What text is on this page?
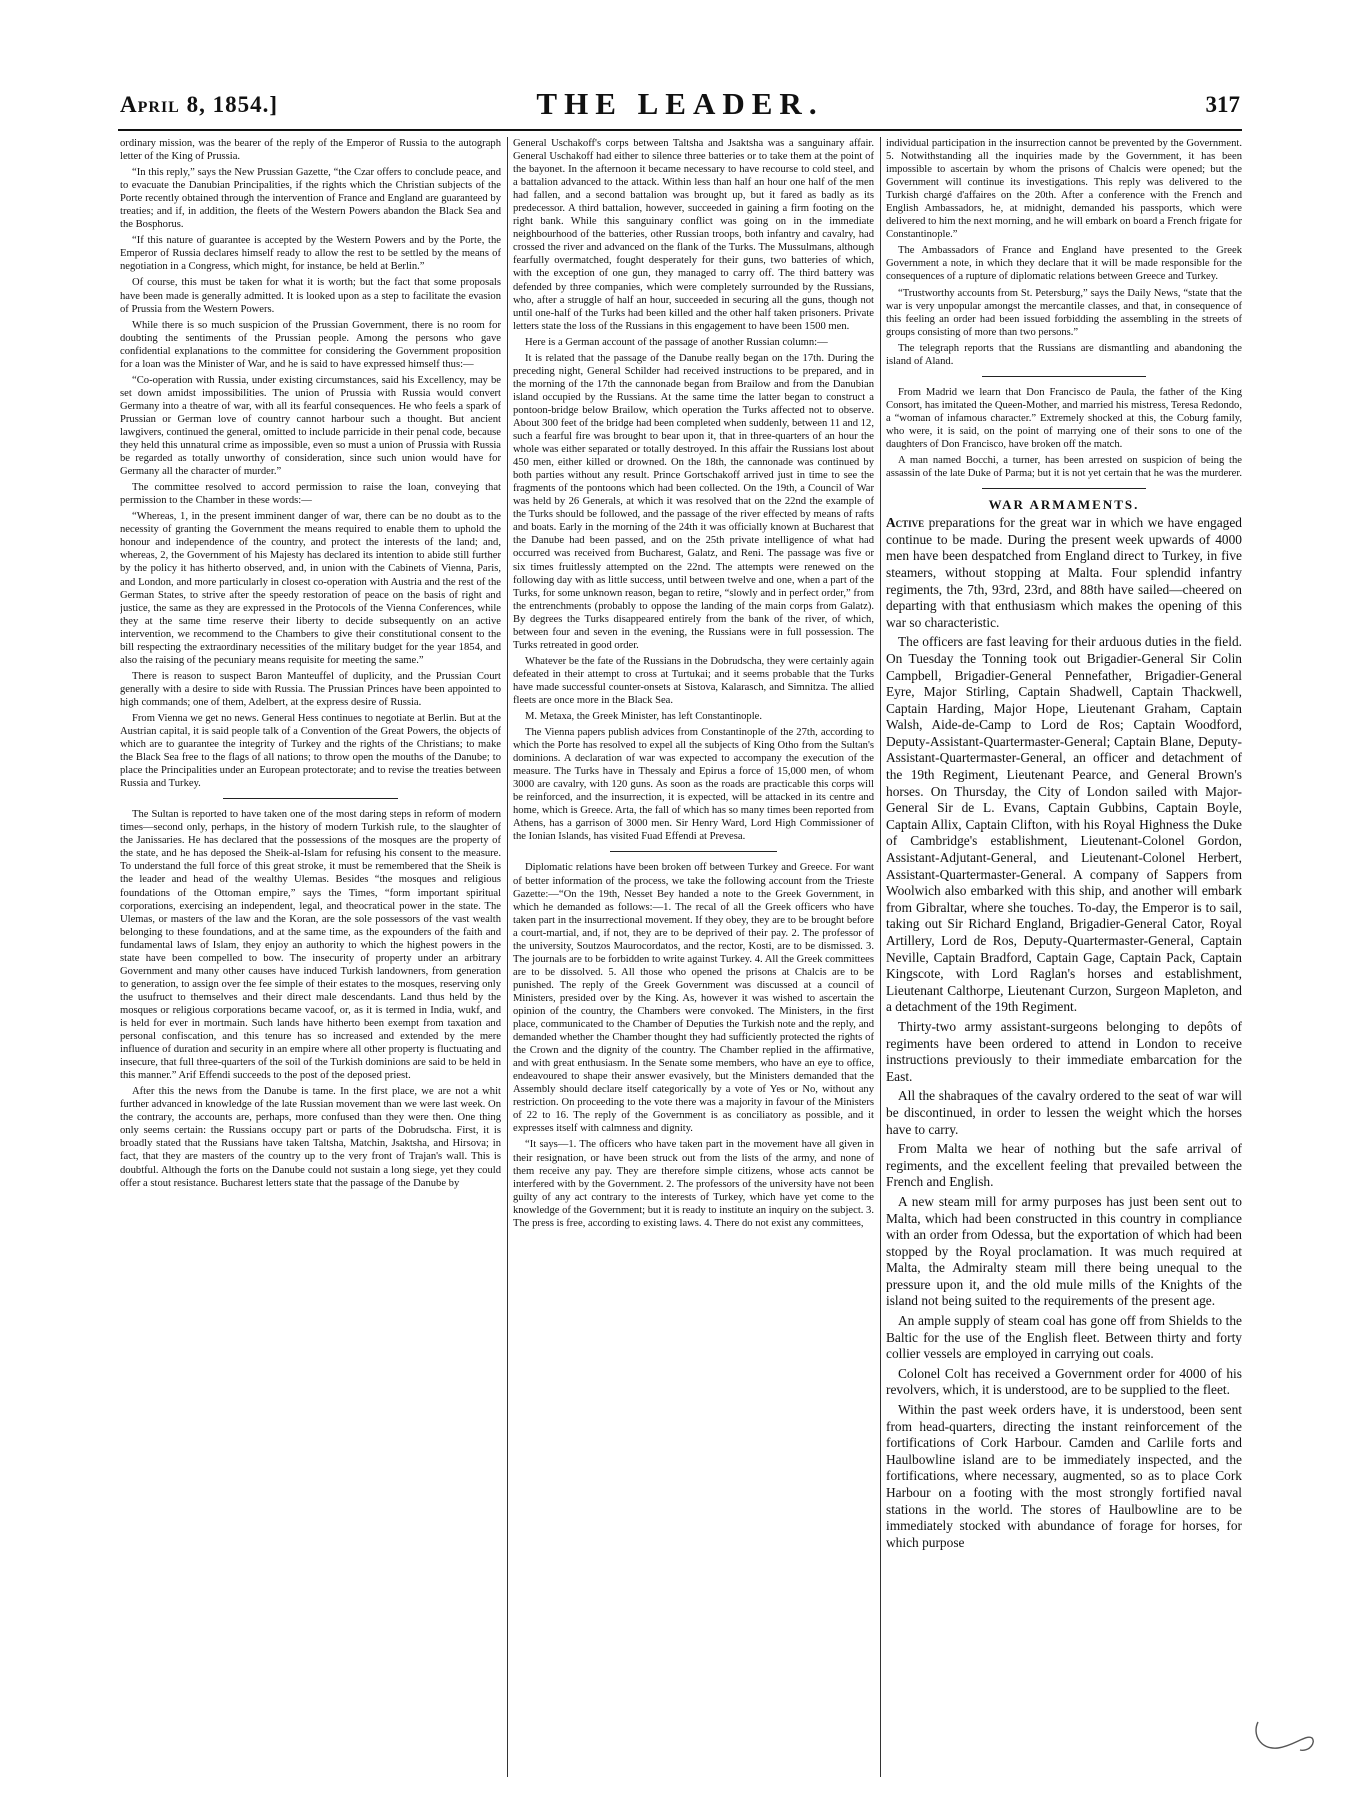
THE LEADER.
April 8, 1854.]	317

ordinary mission, was the bearer of the reply of the Emperor of Russia to the autograph letter of the King of Prussia.

“In this reply,” says the New Prussian Gazette, “the Czar offers to conclude peace, and to evacuate the Danubian Principalities, if the rights which the Christian subjects of the Porte recently obtained through the intervention of France and England are guaranteed by treaties; and if, in addition, the fleets of the Western Powers abandon the Black Sea and the Bosphorus.

“If this nature of guarantee is accepted by the Western Powers and by the Porte, the Emperor of Russia declares himself ready to allow the rest to be settled by the means of negotiation in a Congress, which might, for instance, be held at Berlin.”

Of course, this must be taken for what it is worth; but the fact that some proposals have been made is generally admitted. It is looked upon as a step to facilitate the evasion of Prussia from the Western Powers.

While there is so much suspicion of the Prussian Government, there is no room for doubting the sentiments of the Prussian people. Among the persons who gave confidential explanations to the committee for considering the Government proposition for a loan was the Minister of War, and he is said to have expressed himself thus:—

“Co-operation with Russia, under existing circumstances, said his Excellency, may be set down amidst impossibilities. The union of Prussia with Russia would convert Germany into a theatre of war, with all its fearful consequences. He who feels a spark of Prussian or German love of country cannot harbour such a thought. But ancient lawgivers, continued the general, omitted to include parricide in their penal code, because they held this unnatural crime as impossible, even so must a union of Prussia with Russia be regarded as totally unworthy of consideration, since such union would have for Germany all the character of murder.”

The committee resolved to accord permission to raise the loan, conveying that permission to the Chamber in these words:—

“Whereas, 1, in the present imminent danger of war, there can be no doubt as to the necessity of granting the Government the means required to enable them to uphold the honour and independence of the country, and protect the interests of the land; and, whereas, 2, the Government of his Majesty has declared its intention to abide still further by the policy it has hitherto observed, and, in union with the Cabinets of Vienna, Paris, and London, and more particularly in closest co-operation with Austria and the rest of the German States, to strive after the speedy restoration of peace on the basis of right and justice, the same as they are expressed in the Protocols of the Vienna Conferences, while they at the same time reserve their liberty to decide subsequently on an active intervention, we recommend to the Chambers to give their constitutional consent to the bill respecting the extraordinary necessities of the military budget for the year 1854, and also the raising of the pecuniary means requisite for meeting the same.”

There is reason to suspect Baron Manteuffel of duplicity, and the Prussian Court generally with a desire to side with Russia. The Prussian Princes have been appointed to high commands; one of them, Adelbert, at the express desire of Russia.

From Vienna we get no news. General Hess continues to negotiate at Berlin. But at the Austrian capital, it is said people talk of a Convention of the Great Powers, the objects of which are to guarantee the integrity of Turkey and the rights of the Christians; to make the Black Sea free to the flags of all nations; to throw open the mouths of the Danube; to place the Principalities under an European protectorate; and to revise the treaties between Russia and Turkey.

The Sultan is reported to have taken one of the most daring steps in reform of modern times—second only, perhaps, in the history of modern Turkish rule, to the slaughter of the Janissaries. He has declared that the possessions of the mosques are the property of the state, and he has deposed the Sheik-al-Islam for refusing his consent to the measure. To understand the full force of this great stroke, it must be remembered that the Sheik is the leader and head of the wealthy Ulemas. Besides “the mosques and religious foundations of the Ottoman empire,” says the Times, “form important spiritual corporations, exercising an independent, legal, and theocratical power in the state. The Ulemas, or masters of the law and the Koran, are the sole possessors of the vast wealth belonging to these foundations, and at the same time, as the expounders of the faith and fundamental laws of Islam, they enjoy an authority to which the highest powers in the state have been compelled to bow. The insecurity of property under an arbitrary Government and many other causes have induced Turkish landowners, from generation to generation, to assign over the fee simple of their estates to the mosques, reserving only the usufruct to themselves and their direct male descendants. Land thus held by the mosques or religious corporations became vacoof, or, as it is termed in India, wukf, and is held for ever in mortmain. Such lands have hitherto been exempt from taxation and personal confiscation, and this tenure has so increased and extended by the mere influence of duration and security in an empire where all other property is fluctuating and insecure, that full three-quarters of the soil of the Turkish dominions are said to be held in this manner.” Arif Effendi succeeds to the post of the deposed priest.

After this the news from the Danube is tame. In the first place, we are not a whit further advanced in knowledge of the late Russian movement than we were last week. On the contrary, the accounts are, perhaps, more confused than they were then. One thing only seems certain: the Russians occupy part or parts of the Dobrudscha. First, it is broadly stated that the Russians have taken Taltsha, Matchin, Jsaktsha, and Hirsova; in fact, that they are masters of the country up to the very front of Trajan's wall. This is doubtful. Although the forts on the Danube could not sustain a long siege, yet they could offer a stout resistance. Bucharest letters state that the passage of the Danube by

General Uschakoff's corps between Taltsha and Jsaktsha was a sanguinary affair. General Uschakoff had either to silence three batteries or to take them at the point of the bayonet. In the afternoon it became necessary to have recourse to cold steel, and a battalion advanced to the attack. Within less than half an hour one half of the men had fallen, and a second battalion was brought up, but it fared as badly as its predecessor. A third battalion, however, succeeded in gaining a firm footing on the right bank. While this sanguinary conflict was going on in the immediate neighbourhood of the batteries, other Russian troops, both infantry and cavalry, had crossed the river and advanced on the flank of the Turks. The Mussulmans, although fearfully overmatched, fought desperately for their guns, two batteries of which, with the exception of one gun, they managed to carry off. The third battery was defended by three companies, which were completely surrounded by the Russians, who, after a struggle of half an hour, succeeded in securing all the guns, though not until one-half of the Turks had been killed and the other half taken prisoners. Private letters state the loss of the Russians in this engagement to have been 1500 men.

Here is a German account of the passage of another Russian column:—

It is related that the passage of the Danube really began on the 17th. During the preceding night, General Schilder had received instructions to be prepared, and in the morning of the 17th the cannonade began from Brailow and from the Danubian island occupied by the Russians. At the same time the latter began to construct a pontoon-bridge below Brailow, which operation the Turks affected not to observe. About 300 feet of the bridge had been completed when suddenly, between 11 and 12, such a fearful fire was brought to bear upon it, that in three-quarters of an hour the whole was either separated or totally destroyed. In this affair the Russians lost about 450 men, either killed or drowned. On the 18th, the cannonade was continued by both parties without any result. Prince Gortschakoff arrived just in time to see the fragments of the pontoons which had been collected. On the 19th, a Council of War was held by 26 Generals, at which it was resolved that on the 22nd the example of the Turks should be followed, and the passage of the river effected by means of rafts and boats. Early in the morning of the 24th it was officially known at Bucharest that the Danube had been passed, and on the 25th private intelligence of what had occurred was received from Bucharest, Galatz, and Reni. The passage was five or six times fruitlessly attempted on the 22nd. The attempts were renewed on the following day with as little success, until between twelve and one, when a part of the Turks, for some unknown reason, began to retire, “slowly and in perfect order,” from the entrenchments (probably to oppose the landing of the main corps from Galatz). By degrees the Turks disappeared entirely from the bank of the river, of which, between four and seven in the evening, the Russians were in full possession. The Turks retreated in good order.

Whatever be the fate of the Russians in the Dobrudscha, they were certainly again defeated in their attempt to cross at Turtukai; and it seems probable that the Turks have made successful counter-onsets at Sistova, Kalarasch, and Simnitza. The allied fleets are once more in the Black Sea.

M. Metaxa, the Greek Minister, has left Constantinople.

The Vienna papers publish advices from Constantinople of the 27th, according to which the Porte has resolved to expel all the subjects of King Otho from the Sultan's dominions. A declaration of war was expected to accompany the execution of the measure. The Turks have in Thessaly and Epirus a force of 15,000 men, of whom 3000 are cavalry, with 120 guns. As soon as the roads are practicable this corps will be reinforced, and the insurrection, it is expected, will be attacked in its centre and home, which is Greece. Arta, the fall of which has so many times been reported from Athens, has a garrison of 3000 men. Sir Henry Ward, Lord High Commissioner of the Ionian Islands, has visited Fuad Effendi at Prevesa.

Diplomatic relations have been broken off between Turkey and Greece. For want of better information of the process, we take the following account from the Trieste Gazette:—“On the 19th, Nesset Bey handed a note to the Greek Government, in which he demanded as follows:—1. The recal of all the Greek officers who have taken part in the insurrectional movement. If they obey, they are to be brought before a court-martial, and, if not, they are to be deprived of their pay. 2. The professor of the university, Soutzos Maurocordatos, and the rector, Kosti, are to be dismissed. 3. The journals are to be forbidden to write against Turkey. 4. All the Greek committees are to be dissolved. 5. All those who opened the prisons at Chalcis are to be punished. The reply of the Greek Government was discussed at a council of Ministers, presided over by the King. As, however it was wished to ascertain the opinion of the country, the Chambers were convoked. The Ministers, in the first place, communicated to the Chamber of Deputies the Turkish note and the reply, and demanded whether the Chamber thought they had sufficiently protected the rights of the Crown and the dignity of the country. The Chamber replied in the affirmative, and with great enthusiasm. In the Senate some members, who have an eye to office, endeavoured to shape their answer evasively, but the Ministers demanded that the Assembly should declare itself categorically by a vote of Yes or No, without any restriction. On proceeding to the vote there was a majority in favour of the Ministers of 22 to 16. The reply of the Government is as conciliatory as possible, and it expresses itself with calmness and dignity.

“It says—1. The officers who have taken part in the movement have all given in their resignation, or have been struck out from the lists of the army, and none of them receive any pay. They are therefore simple citizens, whose acts cannot be interfered with by the Government. 2. The professors of the university have not been guilty of any act contrary to the interests of Turkey, which have yet come to the knowledge of the Government; but it is ready to institute an inquiry on the subject. 3. The press is free, according to existing laws. 4. There do not exist any committees,

individual participation in the insurrection cannot be prevented by the Government. 5. Notwithstanding all the inquiries made by the Government, it has been impossible to ascertain by whom the prisons of Chalcis were opened; but the Government will continue its investigations. This reply was delivered to the Turkish chargé d'affaires on the 20th. After a conference with the French and English Ambassadors, he, at midnight, demanded his passports, which were delivered to him the next morning, and he will embark on board a French frigate for Constantinople.”

The Ambassadors of France and England have presented to the Greek Government a note, in which they declare that it will be made responsible for the consequences of a rupture of diplomatic relations between Greece and Turkey.

“Trustworthy accounts from St. Petersburg,” says the Daily News, “state that the war is very unpopular amongst the mercantile classes, and that, in consequence of this feeling an order had been issued forbidding the assembling in the streets of groups consisting of more than two persons.”

The telegraph reports that the Russians are dismantling and abandoning the island of Aland.

From Madrid we learn that Don Francisco de Paula, the father of the King Consort, has imitated the Queen-Mother, and married his mistress, Teresa Redondo, a “woman of infamous character.” Extremely shocked at this, the Coburg family, who were, it is said, on the point of marrying one of their sons to one of the daughters of Don Francisco, have broken off the match.

A man named Bocchi, a turner, has been arrested on suspicion of being the assassin of the late Duke of Parma; but it is not yet certain that he was the murderer.

WAR ARMAMENTS.

Active preparations for the great war in which we have engaged continue to be made. During the present week upwards of 4000 men have been despatched from England direct to Turkey, in five steamers, without stopping at Malta. Four splendid infantry regiments, the 7th, 93rd, 23rd, and 88th have sailed—cheered on departing with that enthusiasm which makes the opening of this war so characteristic.

The officers are fast leaving for their arduous duties in the field. On Tuesday the Tonning took out Brigadier-General Sir Colin Campbell, Brigadier-General Pennefather, Brigadier-General Eyre, Major Stirling, Captain Shadwell, Captain Thackwell, Captain Harding, Major Hope, Lieutenant Graham, Captain Walsh, Aide-de-Camp to Lord de Ros; Captain Woodford, Deputy-Assistant-Quartermaster-General; Captain Blane, Deputy-Assistant-Quartermaster-General, an officer and detachment of the 19th Regiment, Lieutenant Pearce, and General Brown's horses. On Thursday, the City of London sailed with Major-General Sir de L. Evans, Captain Gubbins, Captain Boyle, Captain Allix, Captain Clifton, with his Royal Highness the Duke of Cambridge's establishment, Lieutenant-Colonel Gordon, Assistant-Adjutant-General, and Lieutenant-Colonel Herbert, Assistant-Quartermaster-General. A company of Sappers from Woolwich also embarked with this ship, and another will embark from Gibraltar, where she touches. To-day, the Emperor is to sail, taking out Sir Richard England, Brigadier-General Cator, Royal Artillery, Lord de Ros, Deputy-Quartermaster-General, Captain Neville, Captain Bradford, Captain Gage, Captain Pack, Captain Kingscote, with Lord Raglan's horses and establishment, Lieutenant Calthorpe, Lieutenant Curzon, Surgeon Mapleton, and a detachment of the 19th Regiment.

Thirty-two army assistant-surgeons belonging to depôts of regiments have been ordered to attend in London to receive instructions previously to their immediate embarcation for the East.

All the shabraques of the cavalry ordered to the seat of war will be discontinued, in order to lessen the weight which the horses have to carry.

From Malta we hear of nothing but the safe arrival of regiments, and the excellent feeling that prevailed between the French and English.

A new steam mill for army purposes has just been sent out to Malta, which had been constructed in this country in compliance with an order from Odessa, but the exportation of which had been stopped by the Royal proclamation. It was much required at Malta, the Admiralty steam mill there being unequal to the pressure upon it, and the old mule mills of the Knights of the island not being suited to the requirements of the present age.

An ample supply of steam coal has gone off from Shields to the Baltic for the use of the English fleet. Between thirty and forty collier vessels are employed in carrying out coals.

Colonel Colt has received a Government order for 4000 of his revolvers, which, it is understood, are to be supplied to the fleet.

Within the past week orders have, it is understood, been sent from head-quarters, directing the instant reinforcement of the fortifications of Cork Harbour. Camden and Carlile forts and Haulbowline island are to be immediately inspected, and the fortifications, where necessary, augmented, so as to place Cork Harbour on a footing with the most strongly fortified naval stations in the world. The stores of Haulbowline are to be immediately stocked with abundance of forage for horses, for which purpose
